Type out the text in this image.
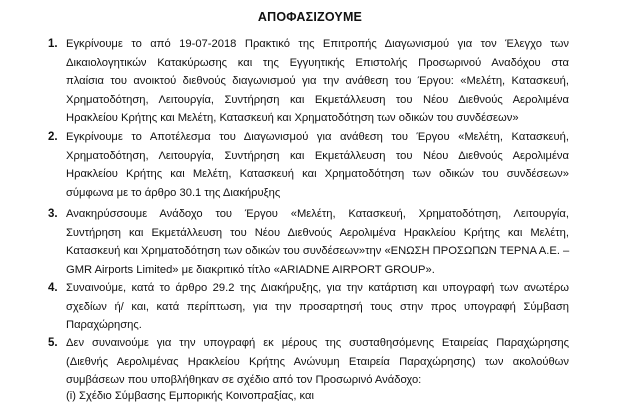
ΑΠΟΦΑΣΙΖΟΥΜΕ
1. Εγκρίνουμε το από 19-07-2018 Πρακτικό της Επιτροπής Διαγωνισμού για τον Έλεγχο των
Δικαιολογητικών Κατακύρωσης και της Εγγυητικής Επιστολής Προσωρινού Αναδόχου στα
πλαίσια του ανοικτού διεθνούς διαγωνισμού για την ανάθεση του Έργου: «Μελέτη, Κατασκευή,
Χρηματοδότηση, Λειτουργία, Συντήρηση και Εκμετάλλευση του Νέου Διεθνούς Αερολιμένα
Ηρακλείου Κρήτης και Μελέτη, Κατασκευή και Χρηματοδότηση των οδικών του συνδέσεων»
2. Εγκρίνουμε το Αποτέλεσμα του Διαγωνισμού για ανάθεση του Έργου «Μελέτη, Κατασκευή,
Χρηματοδότηση, Λειτουργία, Συντήρηση και Εκμετάλλευση του Νέου Διεθνούς Αερολιμένα
Ηρακλείου Κρήτης και Μελέτη, Κατασκευή και Χρηματοδότηση των οδικών του συνδέσεων»
σύμφωνα με το άρθρο 30.1 της Διακήρυξης
3. Ανακηρύσσουμε Ανάδοχο του Έργου «Μελέτη, Κατασκευή, Χρηματοδότηση, Λειτουργία,
Συντήρηση και Εκμετάλλευση του Νέου Διεθνούς Αερολιμένα Ηρακλείου Κρήτης και Μελέτη,
Κατασκευή και Χρηματοδότηση των οδικών του συνδέσεων»την «ΕΝΩΣΗ ΠΡΟΣΩΠΩΝ ΤΕΡΝΑ Α.Ε. –
GMR Airports Limited» με διακριτικό τίτλο «ARIADNE AIRPORT GROUP».
4. Συναινούμε, κατά το άρθρο 29.2 της Διακήρυξης, για την κατάρτιση και υπογραφή των ανωτέρω
σχεδίων ή/ και, κατά περίπτωση, για την προσαρτησή τους στην προς υπογραφή Σύμβαση
Παραχώρησης.
5. Δεν συναινούμε για την υπογραφή εκ μέρους της συσταθησόμενης Εταιρείας Παραχώρησης
(Διεθνής Αερολιμένας Ηρακλείου Κρήτης Ανώνυμη Εταιρεία Παραχώρησης) των ακολούθων
συμβάσεων που υποβλήθηκαν σε σχέδιο από τον Προσωρινό Ανάδοχο:
(i) Σχέδιο Σύμβασης Εμπορικής Κοινοπραξίας, και
